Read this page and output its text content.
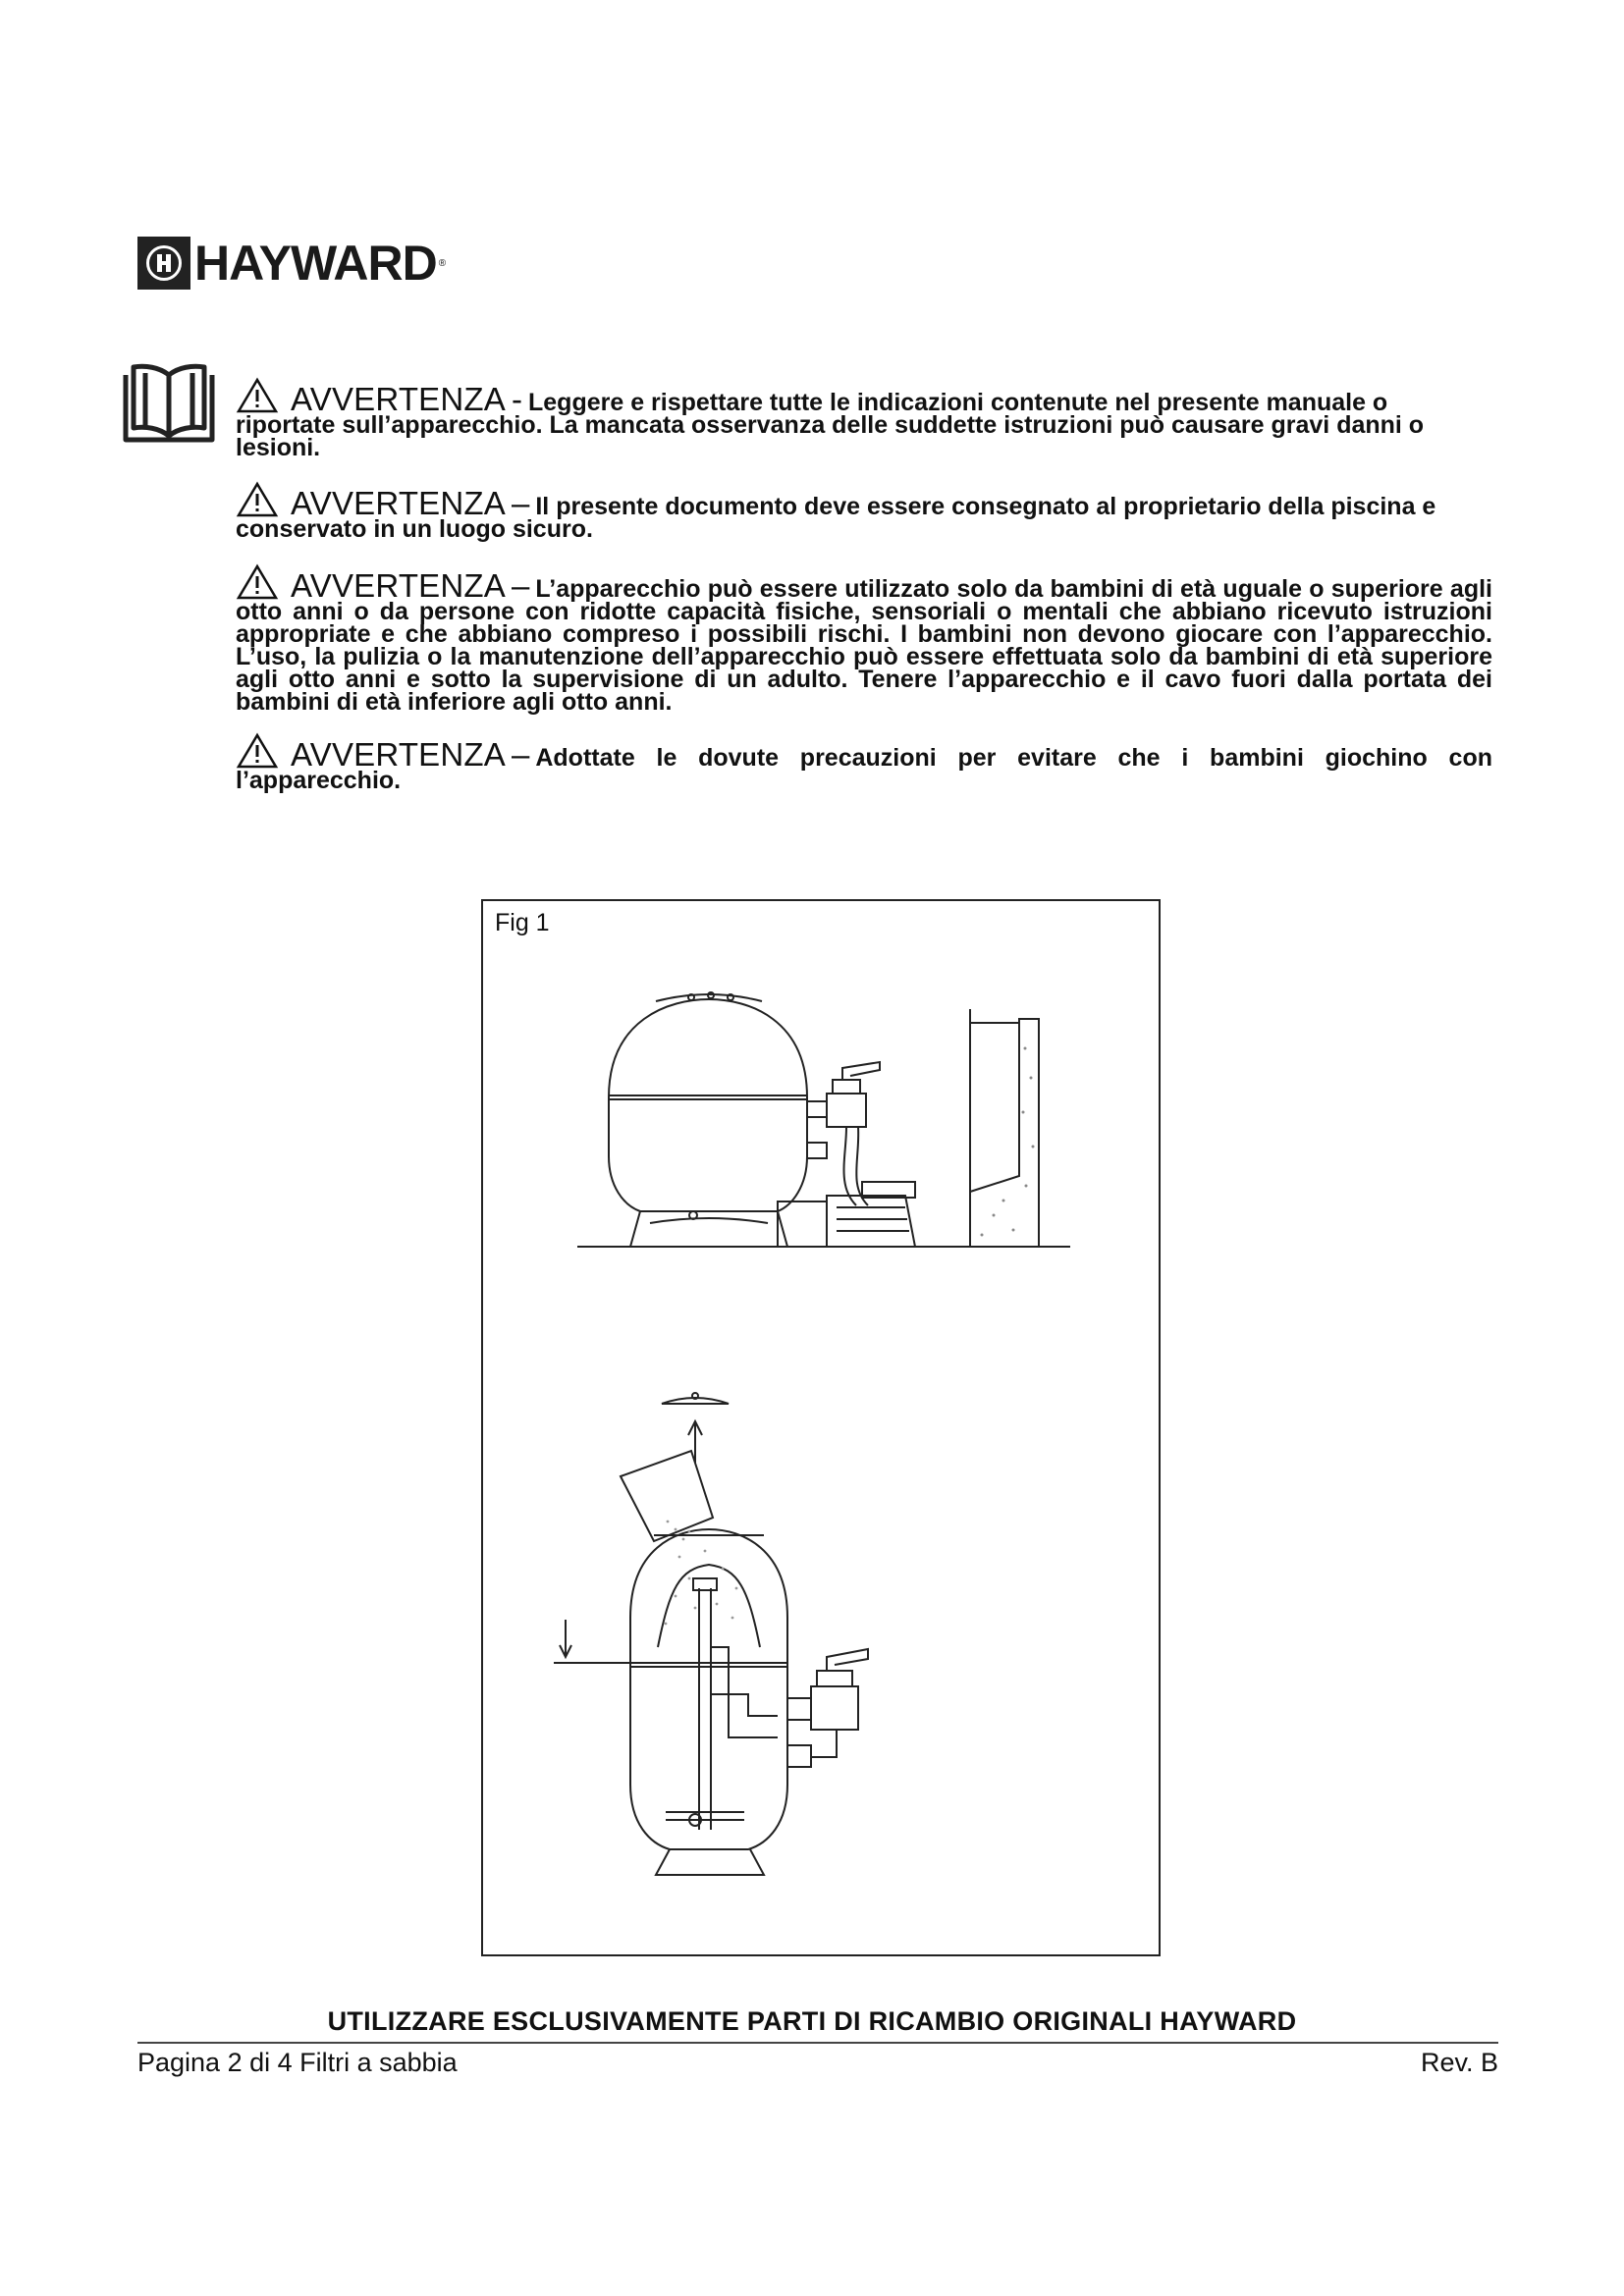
HAYWARD ®
AVVERTENZA - Leggere e rispettare tutte le indicazioni contenute nel presente manuale o riportate sull’apparecchio. La mancata osservanza delle suddette istruzioni può causare gravi danni o lesioni.
AVVERTENZA – Il presente documento deve essere consegnato al proprietario della piscina e conservato in un luogo sicuro.
AVVERTENZA – L’apparecchio può essere utilizzato solo da bambini di età uguale o superiore agli otto anni o da persone con ridotte capacità fisiche, sensoriali o mentali che abbiano ricevuto istruzioni appropriate e che abbiano compreso i possibili rischi. I bambini non devono giocare con l’apparecchio. L’uso, la pulizia o la manutenzione dell’apparecchio può essere effettuata solo da bambini di età superiore agli otto anni e sotto la supervisione di un adulto. Tenere l’apparecchio e il cavo fuori dalla portata dei bambini di età inferiore agli otto anni.
AVVERTENZA – Adottate le dovute precauzioni per evitare che i bambini giochino con l’apparecchio.
Fig 1
UTILIZZARE ESCLUSIVAMENTE PARTI DI RICAMBIO ORIGINALI HAYWARD
Pagina 2 di 4 Filtri a sabbia	Rev. B
